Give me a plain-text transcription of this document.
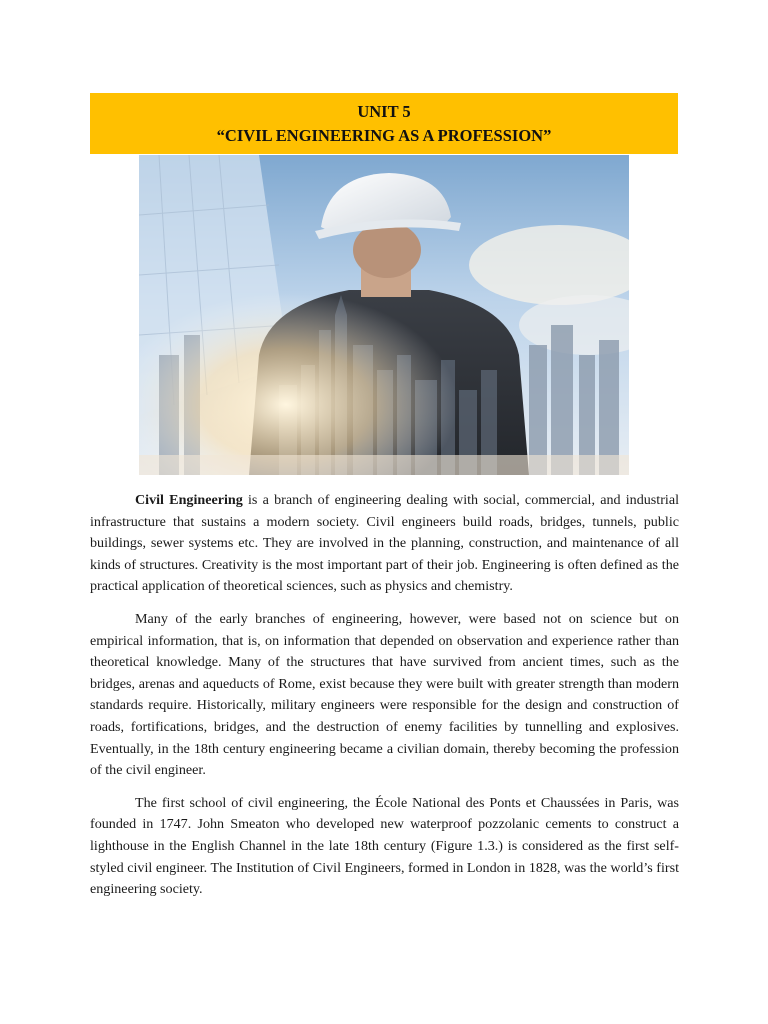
UNIT 5
“CIVIL ENGINEERING AS A PROFESSION”

Civil Engineering is a branch of engineering dealing with social, commercial, and industrial infrastructure that sustains a modern society. Civil engineers build roads, bridges, tunnels, public buildings, sewer systems etc. They are involved in the planning, construction, and maintenance of all kinds of structures. Creativity is the most important part of their job. Engineering is often defined as the practical application of theoretical sciences, such as physics and chemistry.

Many of the early branches of engineering, however, were based not on science but on empirical information, that is, on information that depended on observation and experience rather than theoretical knowledge. Many of the structures that have survived from ancient times, such as the bridges, arenas and aqueducts of Rome, exist because they were built with greater strength than modern standards require. Historically, military engineers were responsible for the design and construction of roads, fortifications, bridges, and the destruction of enemy facilities by tunnelling and explosives. Eventually, in the 18th century engineering became a civilian domain, thereby becoming the profession of the civil engineer.

The first school of civil engineering, the École National des Ponts et Chaussées in Paris, was founded in 1747. John Smeaton who developed new waterproof pozzolanic cements to construct a lighthouse in the English Channel in the late 18th century (Figure 1.3.) is considered as the first self-styled civil engineer. The Institution of Civil Engineers, formed in London in 1828, was the world’s first engineering society.
